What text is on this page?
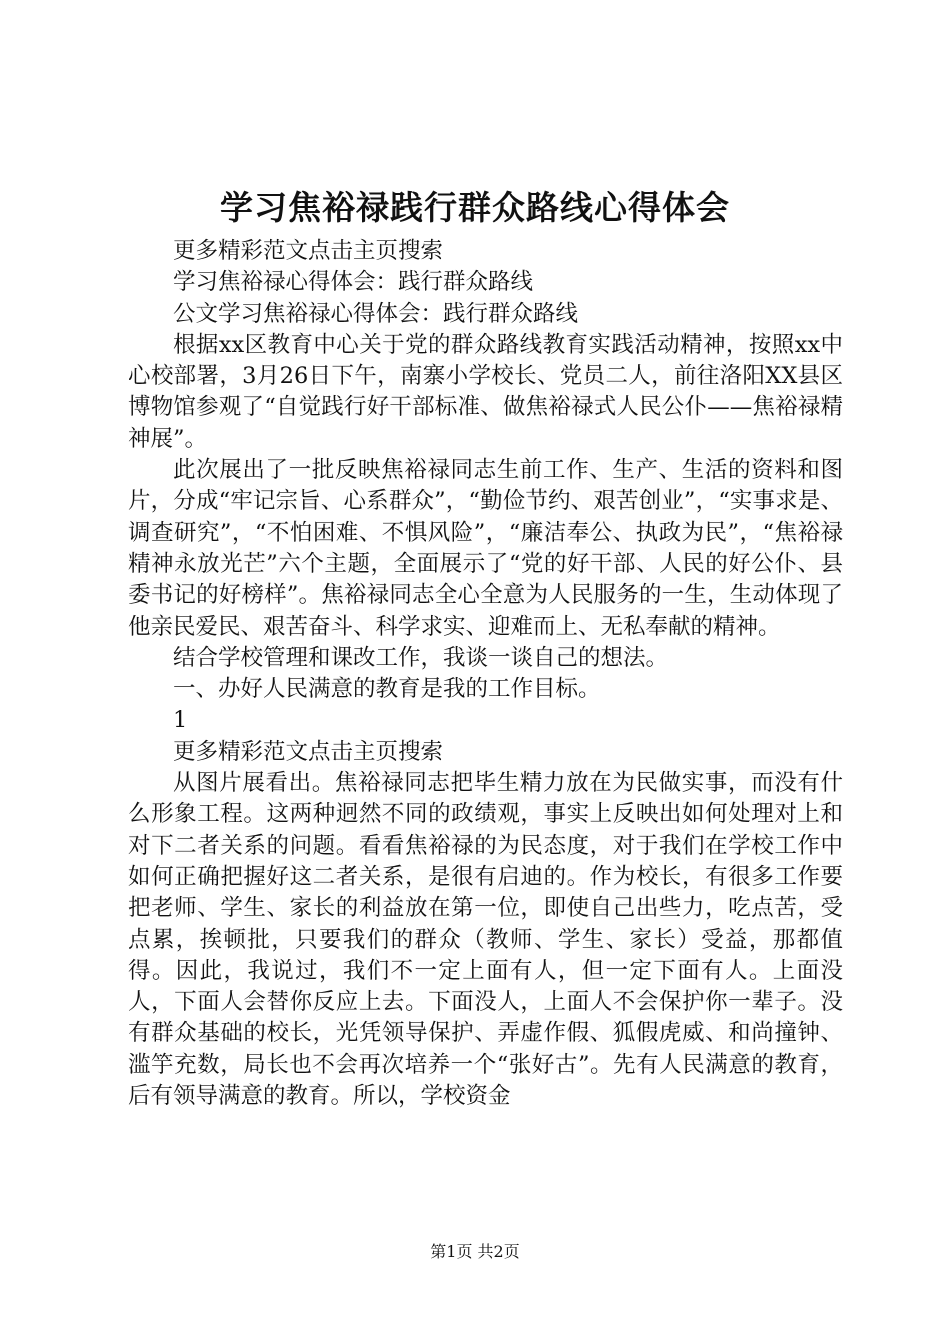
学习焦裕禄践行群众路线心得体会

更多精彩范文点击主页搜索

学习焦裕禄心得体会：践行群众路线

公文学习焦裕禄心得体会：践行群众路线

根据xx区教育中心关于党的群众路线教育实践活动精神，按照xx中心校部署，3月26日下午，南寨小学校长、党员二人，前往洛阳XX县区博物馆参观了“自觉践行好干部标准、做焦裕禄式人民公仆——焦裕禄精神展”。

此次展出了一批反映焦裕禄同志生前工作、生产、生活的资料和图片，分成“牢记宗旨、心系群众”，“勤俭节约、艰苦创业”，“实事求是、调查研究”，“不怕困难、不惧风险”，“廉洁奉公、执政为民”，“焦裕禄精神永放光芒”六个主题，全面展示了“党的好干部、人民的好公仆、县委书记的好榜样”。焦裕禄同志全心全意为人民服务的一生，生动体现了他亲民爱民、艰苦奋斗、科学求实、迎难而上、无私奉献的精神。

结合学校管理和课改工作，我谈一谈自己的想法。

一、办好人民满意的教育是我的工作目标。

1

更多精彩范文点击主页搜索

从图片展看出。焦裕禄同志把毕生精力放在为民做实事，而没有什么形象工程。这两种迥然不同的政绩观，事实上反映出如何处理对上和对下二者关系的问题。看看焦裕禄的为民态度，对于我们在学校工作中如何正确把握好这二者关系，是很有启迪的。作为校长，有很多工作要把老师、学生、家长的利益放在第一位，即使自己出些力，吃点苦，受点累，挨顿批，只要我们的群众（教师、学生、家长）受益，那都值得。因此，我说过，我们不一定上面有人，但一定下面有人。上面没人，下面人会替你反应上去。下面没人，上面人不会保护你一辈子。没有群众基础的校长，光凭领导保护、弄虚作假、狐假虎威、和尚撞钟、滥竽充数，局长也不会再次培养一个“张好古”。先有人民满意的教育，后有领导满意的教育。所以，学校资金

第1页 共2页
